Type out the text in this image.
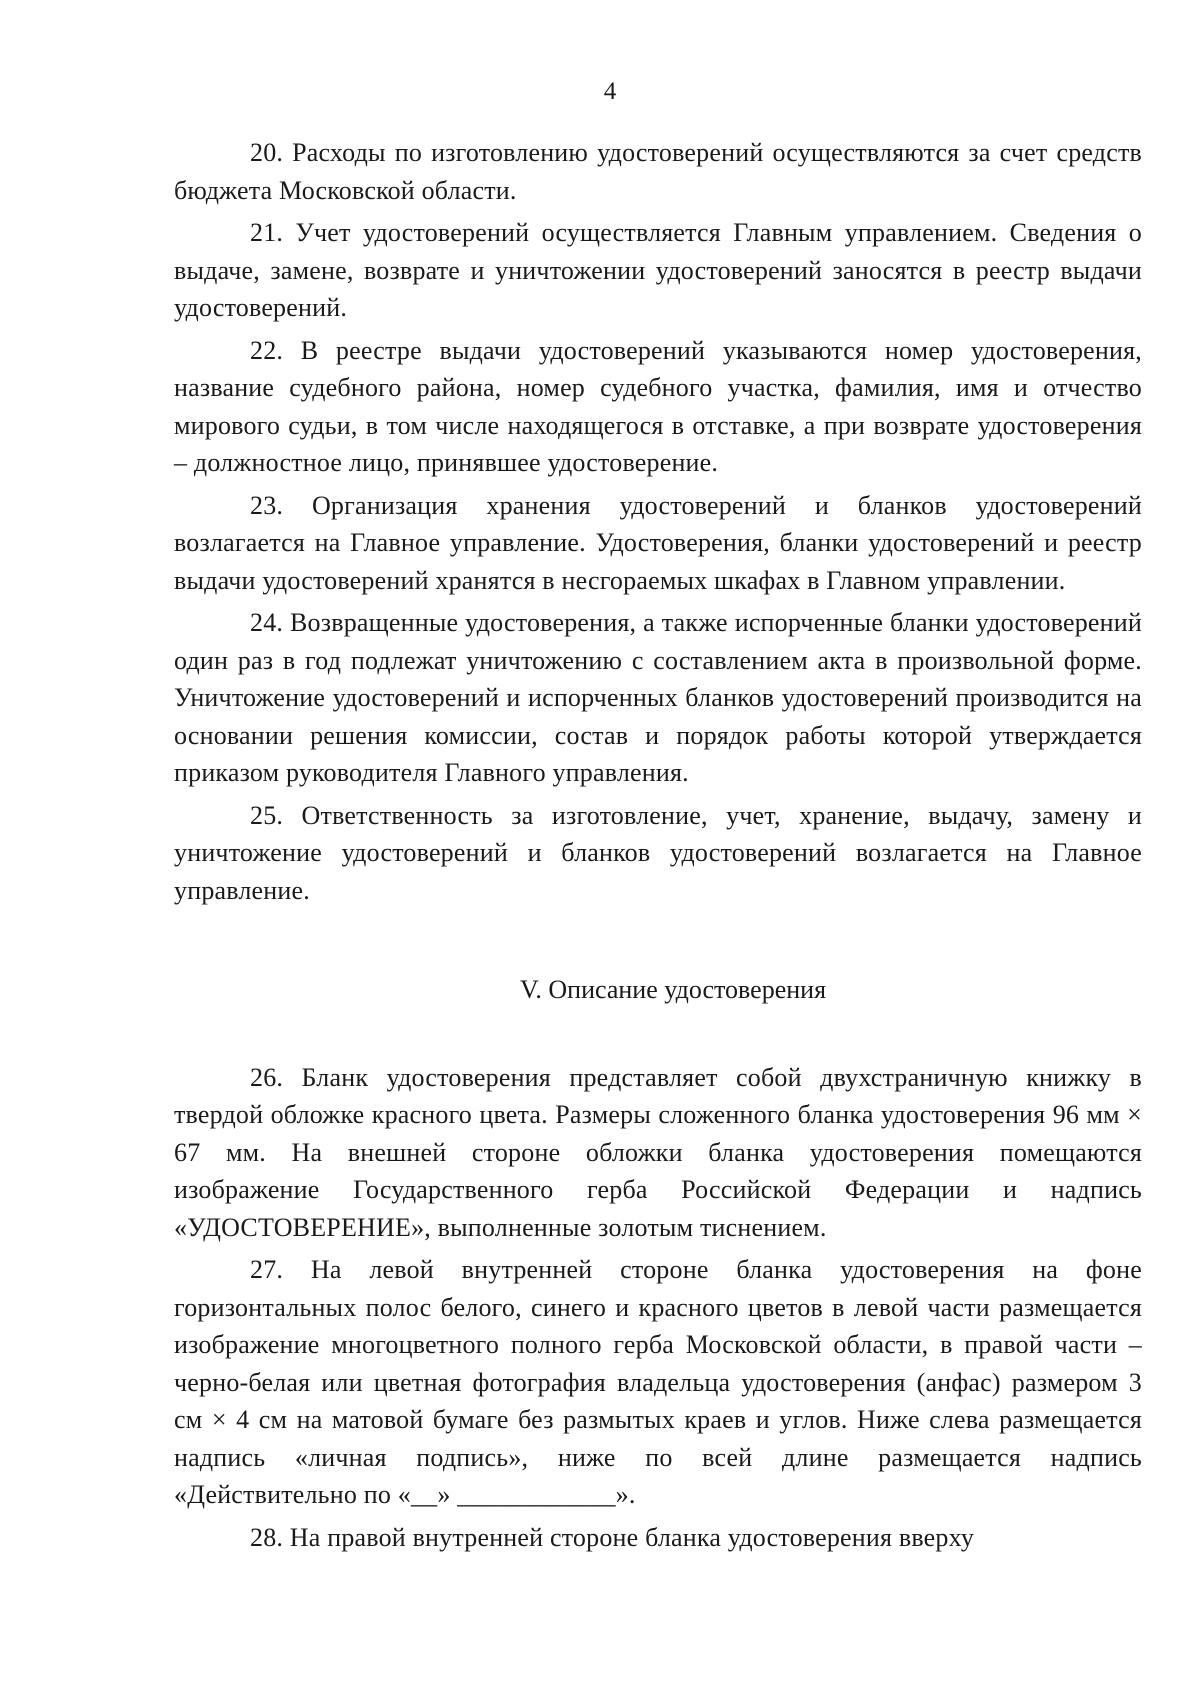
4

20. Расходы по изготовлению удостоверений осуществляются за счет средств бюджета Московской области.

21. Учет удостоверений осуществляется Главным управлением. Сведения о выдаче, замене, возврате и уничтожении удостоверений заносятся в реестр выдачи удостоверений.

22. В реестре выдачи удостоверений указываются номер удостоверения, название судебного района, номер судебного участка, фамилия, имя и отчество мирового судьи, в том числе находящегося в отставке, а при возврате удостоверения – должностное лицо, принявшее удостоверение.

23. Организация хранения удостоверений и бланков удостоверений возлагается на Главное управление. Удостоверения, бланки удостоверений и реестр выдачи удостоверений хранятся в несгораемых шкафах в Главном управлении.

24. Возвращенные удостоверения, а также испорченные бланки удостоверений один раз в год подлежат уничтожению с составлением акта в произвольной форме. Уничтожение удостоверений и испорченных бланков удостоверений производится на основании решения комиссии, состав и порядок работы которой утверждается приказом руководителя Главного управления.

25. Ответственность за изготовление, учет, хранение, выдачу, замену и уничтожение удостоверений и бланков удостоверений возлагается на Главное управление.

V. Описание удостоверения

26. Бланк удостоверения представляет собой двухстраничную книжку в твердой обложке красного цвета. Размеры сложенного бланка удостоверения 96 мм × 67 мм. На внешней стороне обложки бланка удостоверения помещаются изображение Государственного герба Российской Федерации и надпись «УДОСТОВЕРЕНИЕ», выполненные золотым тиснением.

27. На левой внутренней стороне бланка удостоверения на фоне горизонтальных полос белого, синего и красного цветов в левой части размещается изображение многоцветного полного герба Московской области, в правой части – черно-белая или цветная фотография владельца удостоверения (анфас) размером 3 см × 4 см на матовой бумаге без размытых краев и углов. Ниже слева размещается надпись «личная подпись», ниже по всей длине размещается надпись «Действительно по «__» ____________».

28. На правой внутренней стороне бланка удостоверения вверху
